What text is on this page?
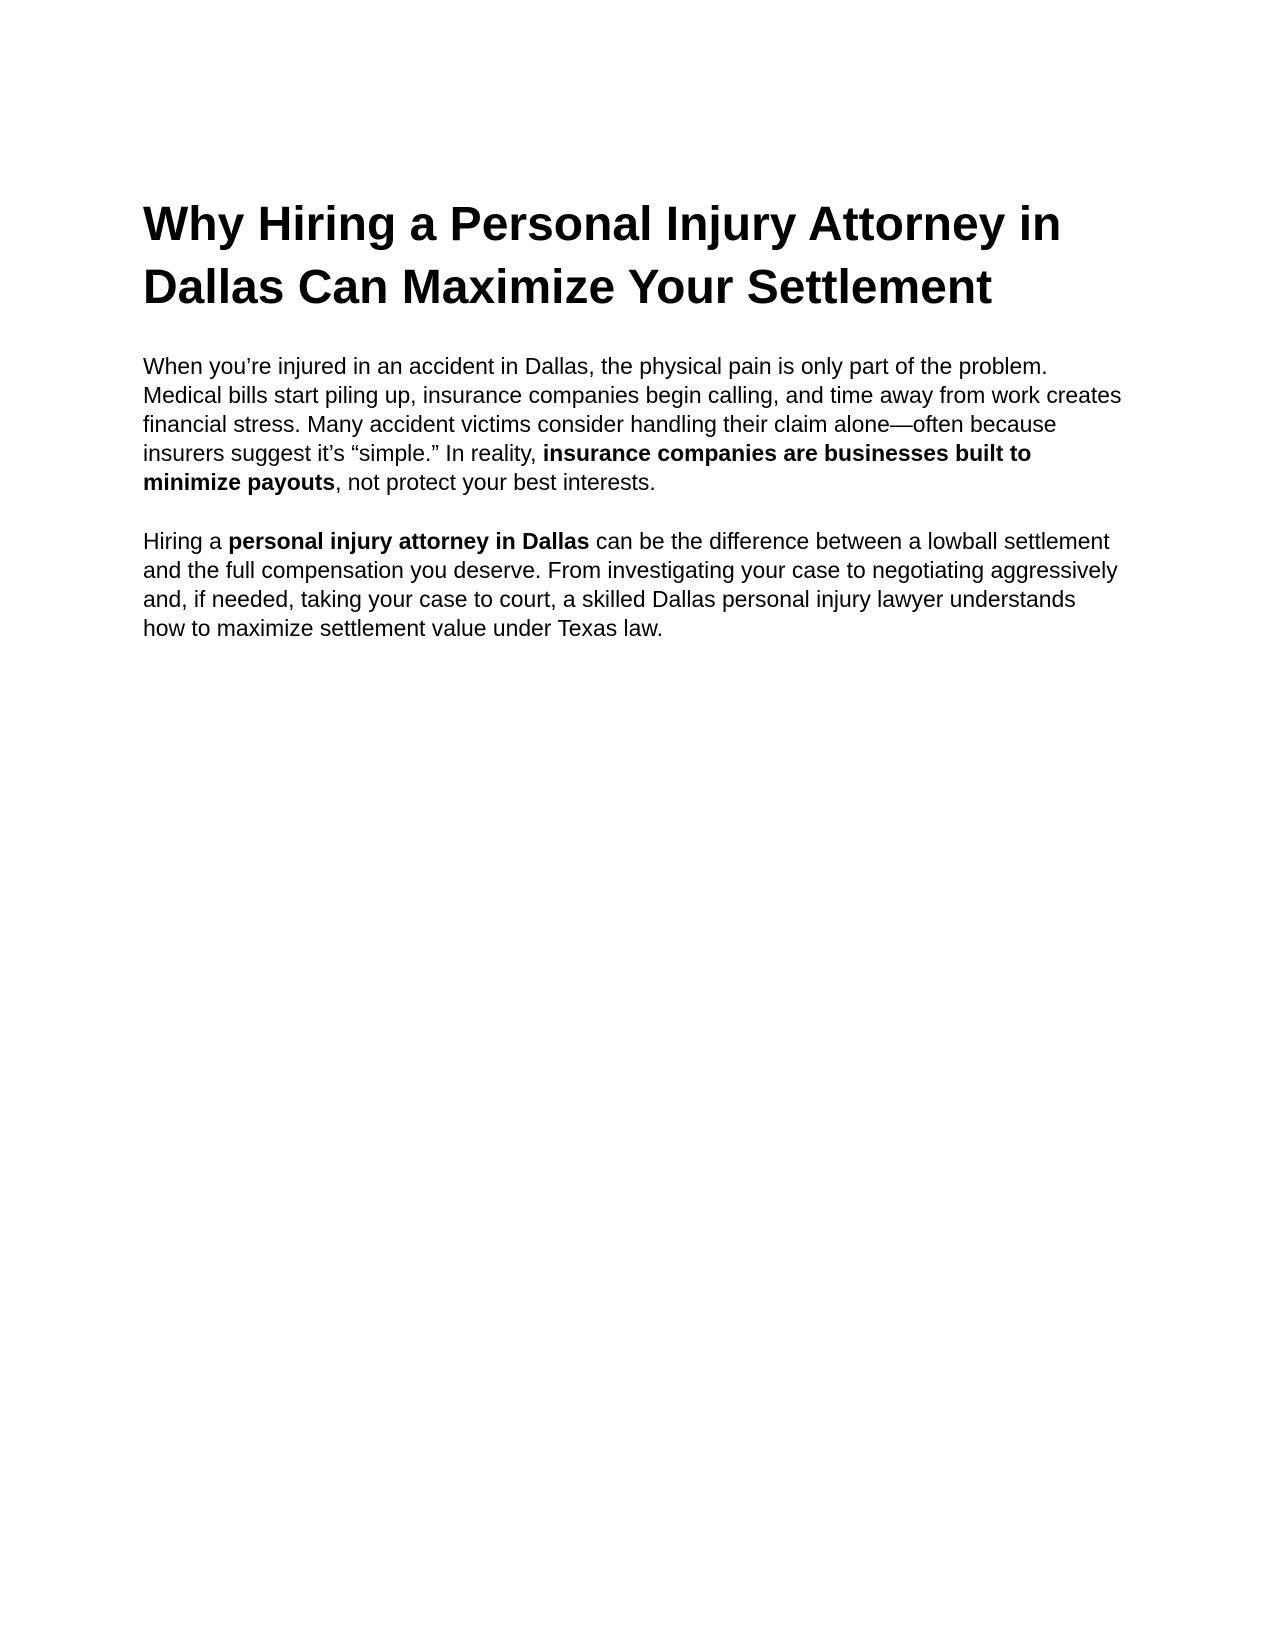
Why Hiring a Personal Injury Attorney in Dallas Can Maximize Your Settlement

When you’re injured in an accident in Dallas, the physical pain is only part of the problem. Medical bills start piling up, insurance companies begin calling, and time away from work creates financial stress. Many accident victims consider handling their claim alone—often because insurers suggest it’s “simple.” In reality, insurance companies are businesses built to minimize payouts, not protect your best interests.

Hiring a personal injury attorney in Dallas can be the difference between a lowball settlement and the full compensation you deserve. From investigating your case to negotiating aggressively and, if needed, taking your case to court, a skilled Dallas personal injury lawyer understands how to maximize settlement value under Texas law.
